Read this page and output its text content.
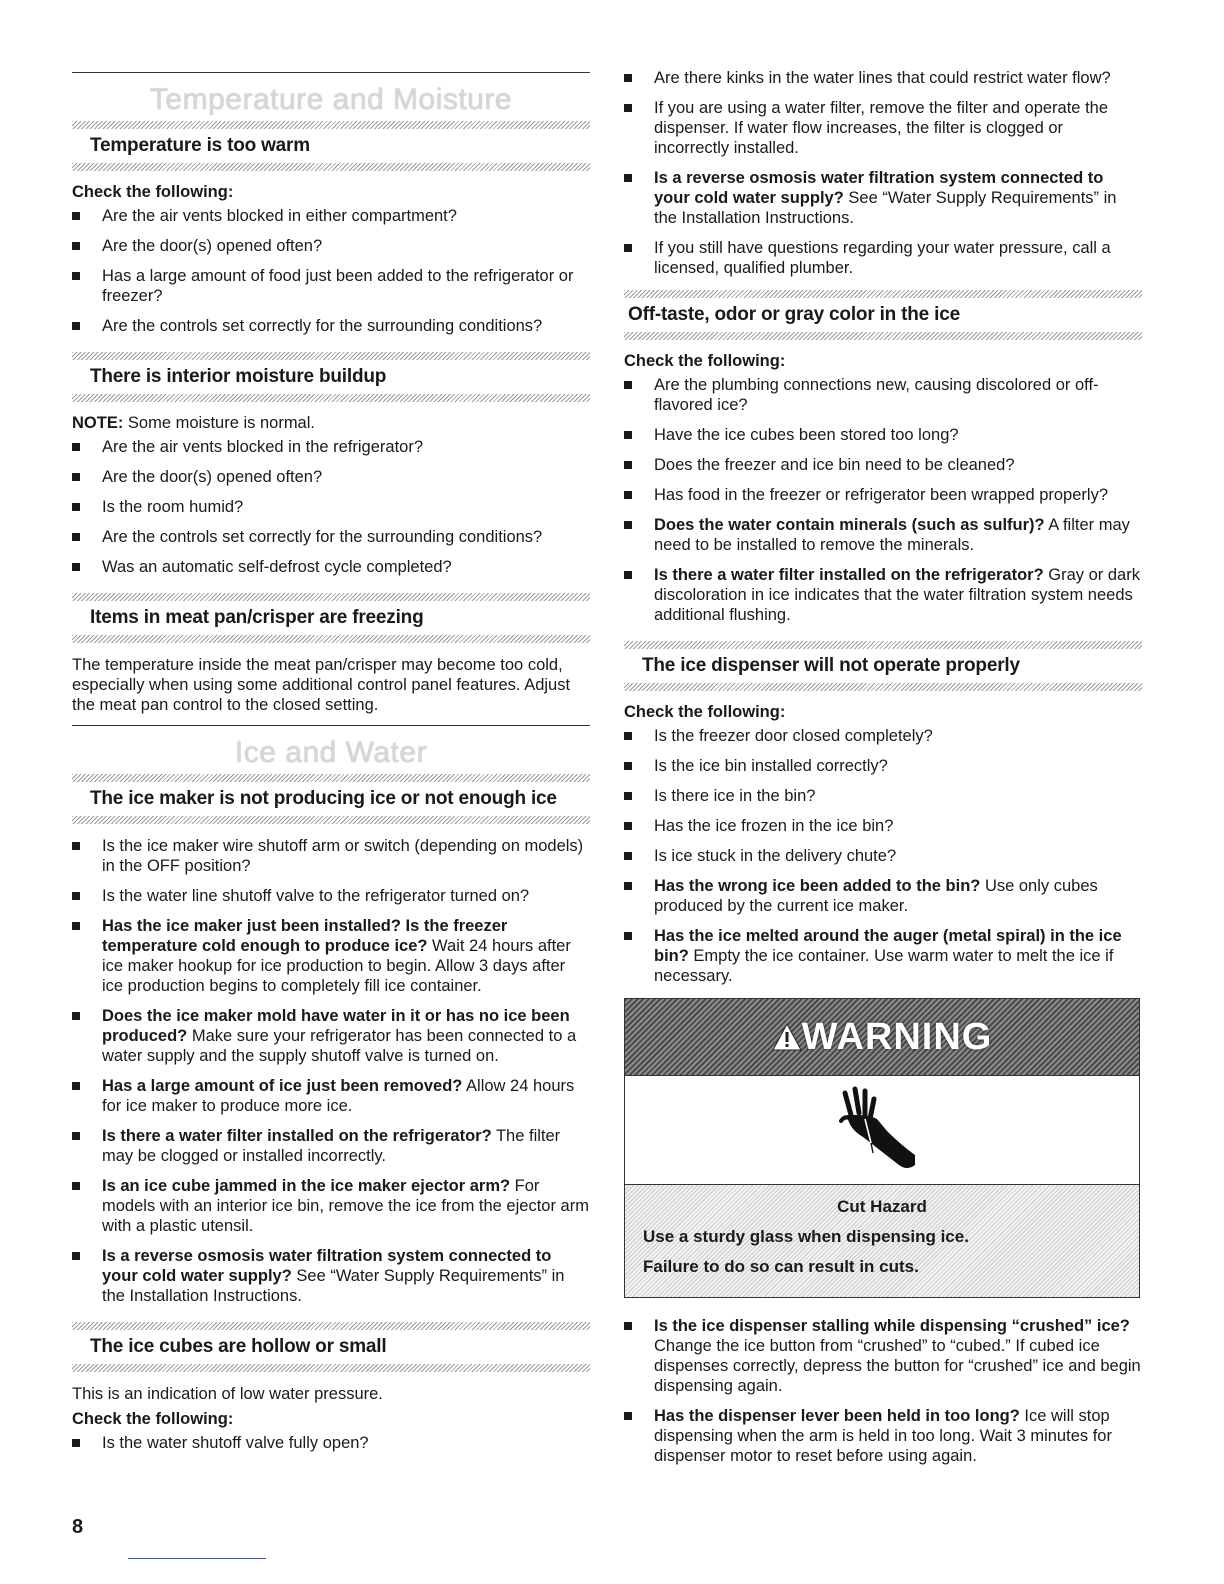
Temperature and Moisture
Temperature is too warm
Check the following:
Are the air vents blocked in either compartment?
Are the door(s) opened often?
Has a large amount of food just been added to the refrigerator or freezer?
Are the controls set correctly for the surrounding conditions?
There is interior moisture buildup
NOTE: Some moisture is normal.
Are the air vents blocked in the refrigerator?
Are the door(s) opened often?
Is the room humid?
Are the controls set correctly for the surrounding conditions?
Was an automatic self-defrost cycle completed?
Items in meat pan/crisper are freezing
The temperature inside the meat pan/crisper may become too cold, especially when using some additional control panel features. Adjust the meat pan control to the closed setting.
Ice and Water
The ice maker is not producing ice or not enough ice
Is the ice maker wire shutoff arm or switch (depending on models) in the OFF position?
Is the water line shutoff valve to the refrigerator turned on?
Has the ice maker just been installed? Is the freezer temperature cold enough to produce ice? Wait 24 hours after ice maker hookup for ice production to begin. Allow 3 days after ice production begins to completely fill ice container.
Does the ice maker mold have water in it or has no ice been produced? Make sure your refrigerator has been connected to a water supply and the supply shutoff valve is turned on.
Has a large amount of ice just been removed? Allow 24 hours for ice maker to produce more ice.
Is there a water filter installed on the refrigerator? The filter may be clogged or installed incorrectly.
Is an ice cube jammed in the ice maker ejector arm? For models with an interior ice bin, remove the ice from the ejector arm with a plastic utensil.
Is a reverse osmosis water filtration system connected to your cold water supply? See “Water Supply Requirements” in the Installation Instructions.
The ice cubes are hollow or small
This is an indication of low water pressure.
Check the following:
Is the water shutoff valve fully open?
Are there kinks in the water lines that could restrict water flow?
If you are using a water filter, remove the filter and operate the dispenser. If water flow increases, the filter is clogged or incorrectly installed.
Is a reverse osmosis water filtration system connected to your cold water supply? See “Water Supply Requirements” in the Installation Instructions.
If you still have questions regarding your water pressure, call a licensed, qualified plumber.
Off-taste, odor or gray color in the ice
Check the following:
Are the plumbing connections new, causing discolored or off-flavored ice?
Have the ice cubes been stored too long?
Does the freezer and ice bin need to be cleaned?
Has food in the freezer or refrigerator been wrapped properly?
Does the water contain minerals (such as sulfur)? A filter may need to be installed to remove the minerals.
Is there a water filter installed on the refrigerator? Gray or dark discoloration in ice indicates that the water filtration system needs additional flushing.
The ice dispenser will not operate properly
Check the following:
Is the freezer door closed completely?
Is the ice bin installed correctly?
Is there ice in the bin?
Has the ice frozen in the ice bin?
Is ice stuck in the delivery chute?
Has the wrong ice been added to the bin? Use only cubes produced by the current ice maker.
Has the ice melted around the auger (metal spiral) in the ice bin? Empty the ice container. Use warm water to melt the ice if necessary.
WARNING
Cut Hazard
Use a sturdy glass when dispensing ice.
Failure to do so can result in cuts.
Is the ice dispenser stalling while dispensing “crushed” ice? Change the ice button from “crushed” to “cubed.” If cubed ice dispenses correctly, depress the button for “crushed” ice and begin dispensing again.
Has the dispenser lever been held in too long? Ice will stop dispensing when the arm is held in too long. Wait 3 minutes for dispenser motor to reset before using again.
8
